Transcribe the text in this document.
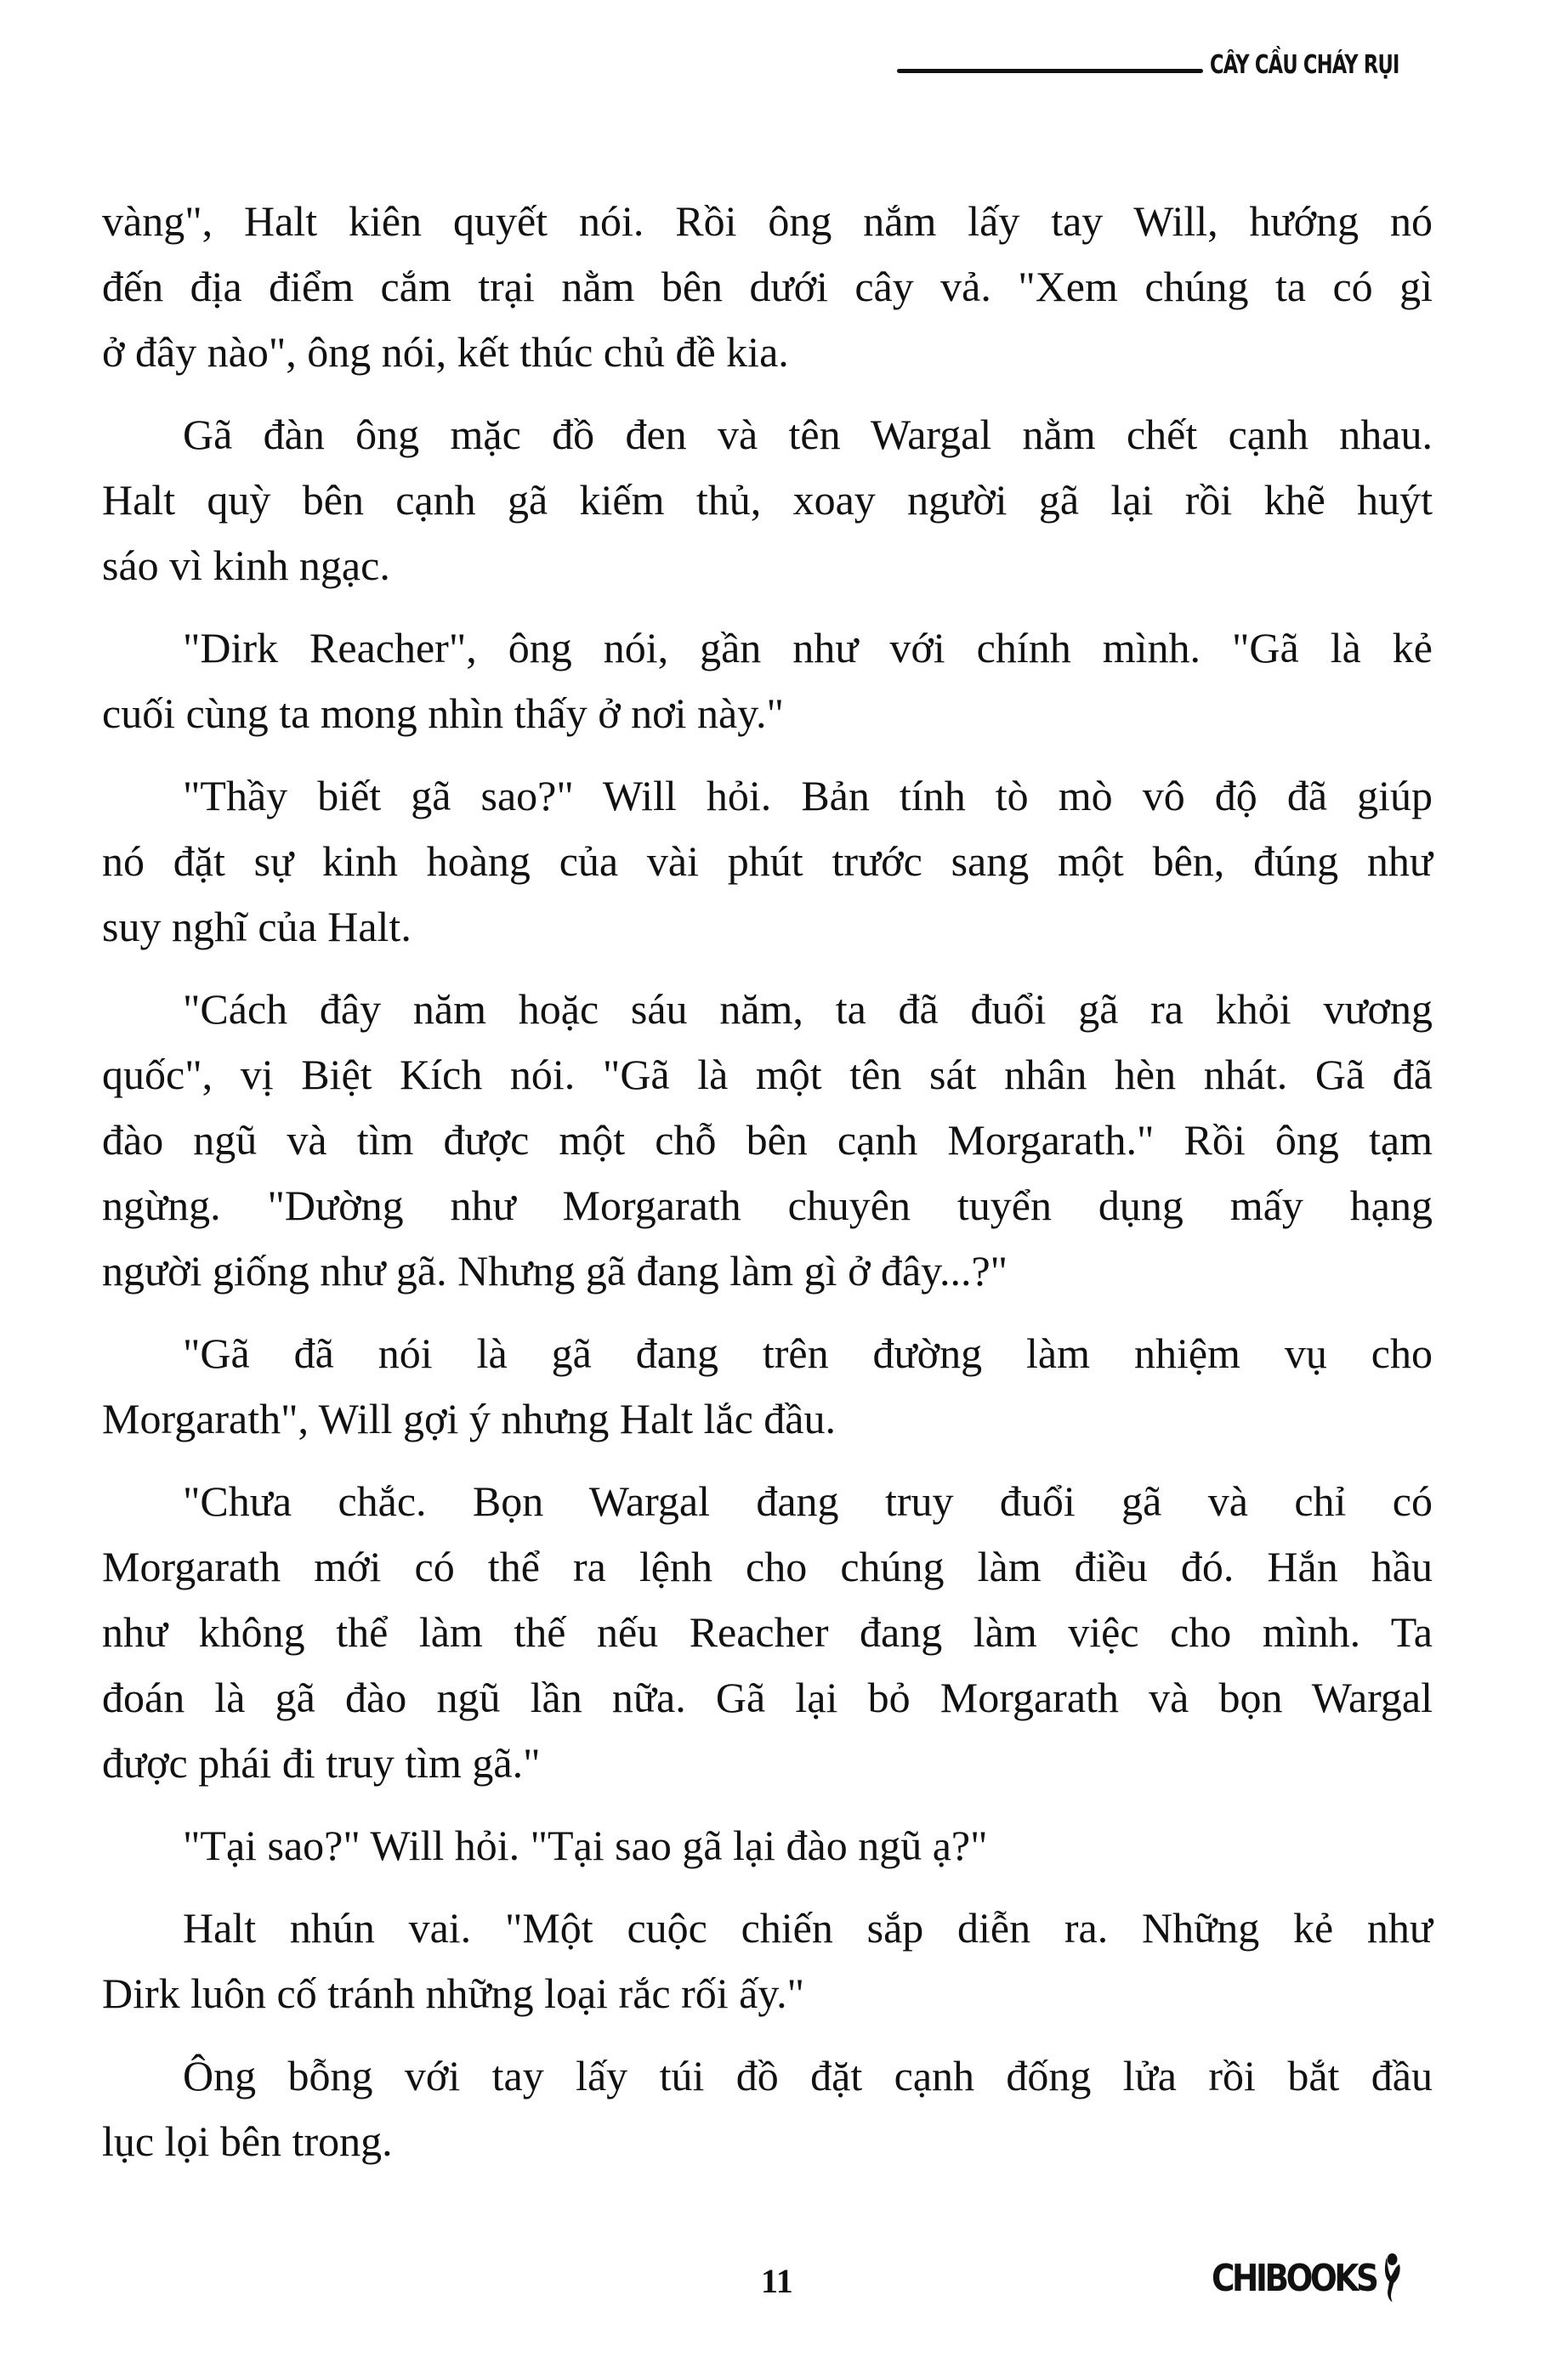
CÂY CẦU CHÁY RỤI
vàng", Halt kiên quyết nói. Rồi ông nắm lấy tay Will, hướng nó
đến địa điểm cắm trại nằm bên dưới cây vả. "Xem chúng ta có gì
ở đây nào", ông nói, kết thúc chủ đề kia.
Gã đàn ông mặc đồ đen và tên Wargal nằm chết cạnh nhau.
Halt quỳ bên cạnh gã kiếm thủ, xoay người gã lại rồi khẽ huýt
sáo vì kinh ngạc.
"Dirk Reacher", ông nói, gần như với chính mình. "Gã là kẻ
cuối cùng ta mong nhìn thấy ở nơi này."
"Thầy biết gã sao?" Will hỏi. Bản tính tò mò vô độ đã giúp
nó đặt sự kinh hoàng của vài phút trước sang một bên, đúng như
suy nghĩ của Halt.
"Cách đây năm hoặc sáu năm, ta đã đuổi gã ra khỏi vương
quốc", vị Biệt Kích nói. "Gã là một tên sát nhân hèn nhát. Gã đã
đào ngũ và tìm được một chỗ bên cạnh Morgarath." Rồi ông tạm
ngừng. "Dường như Morgarath chuyên tuyển dụng mấy hạng
người giống như gã. Nhưng gã đang làm gì ở đây...?"
"Gã đã nói là gã đang trên đường làm nhiệm vụ cho
Morgarath", Will gợi ý nhưng Halt lắc đầu.
"Chưa chắc. Bọn Wargal đang truy đuổi gã và chỉ có
Morgarath mới có thể ra lệnh cho chúng làm điều đó. Hắn hầu
như không thể làm thế nếu Reacher đang làm việc cho mình. Ta
đoán là gã đào ngũ lần nữa. Gã lại bỏ Morgarath và bọn Wargal
được phái đi truy tìm gã."
"Tại sao?" Will hỏi. "Tại sao gã lại đào ngũ ạ?"
Halt nhún vai. "Một cuộc chiến sắp diễn ra. Những kẻ như
Dirk luôn cố tránh những loại rắc rối ấy."
Ông bỗng với tay lấy túi đồ đặt cạnh đống lửa rồi bắt đầu
lục lọi bên trong.
11	CHIBOOKS
